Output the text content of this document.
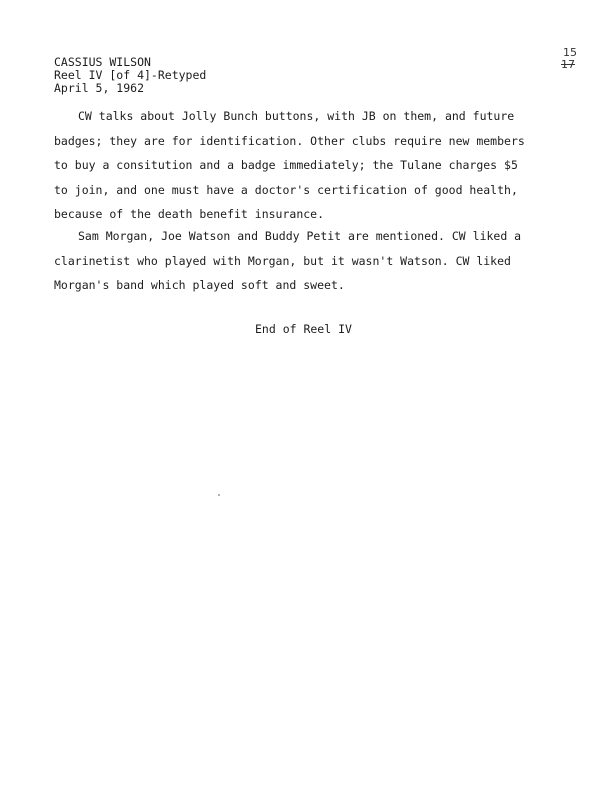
CASSIUS WILSON
Reel IV [of 4]-Retyped
April 5, 1962
15
17
CW talks about Jolly Bunch buttons, with JB on them, and future
badges; they are for identification. Other clubs require new members
to buy a consitution and a badge immediately; the Tulane charges $5
to join, and one must have a doctor's certification of good health,
because of the death benefit insurance.
Sam Morgan, Joe Watson and Buddy Petit are mentioned. CW liked a
clarinetist who played with Morgan, but it wasn't Watson. CW liked
Morgan's band which played soft and sweet.
End of Reel IV
